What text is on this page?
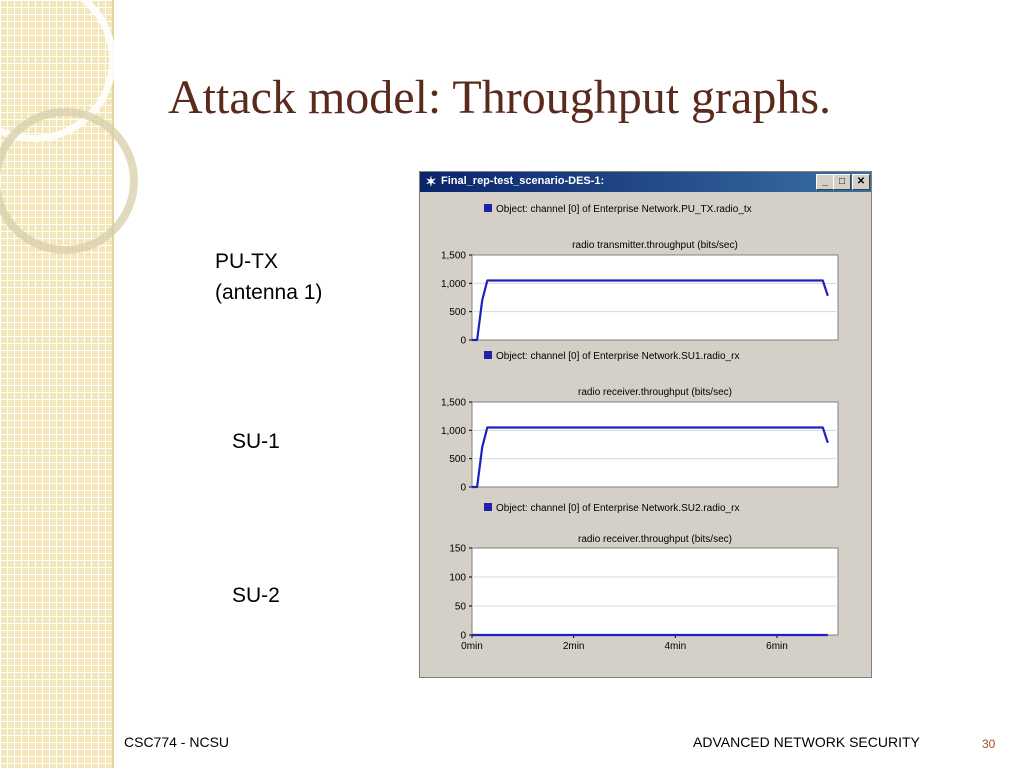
Attack model: Throughput graphs.
PU-TX
(antenna 1)
SU-1
SU-2
✶ Final_rep-test_scenario-DES-1:	_	□	✕
Object: channel [0] of Enterprise Network.PU_TX.radio_tx
radio transmitter.throughput (bits/sec)
1,500
1,000
500
0
Object: channel [0] of Enterprise Network.SU1.radio_rx
radio receiver.throughput (bits/sec)
1,500
1,000
500
0
Object: channel [0] of Enterprise Network.SU2.radio_rx
radio receiver.throughput (bits/sec)
150
100
50
0
0min	2min	4min	6min
CSC774 - NCSU	ADVANCED NETWORK SECURITY	30
